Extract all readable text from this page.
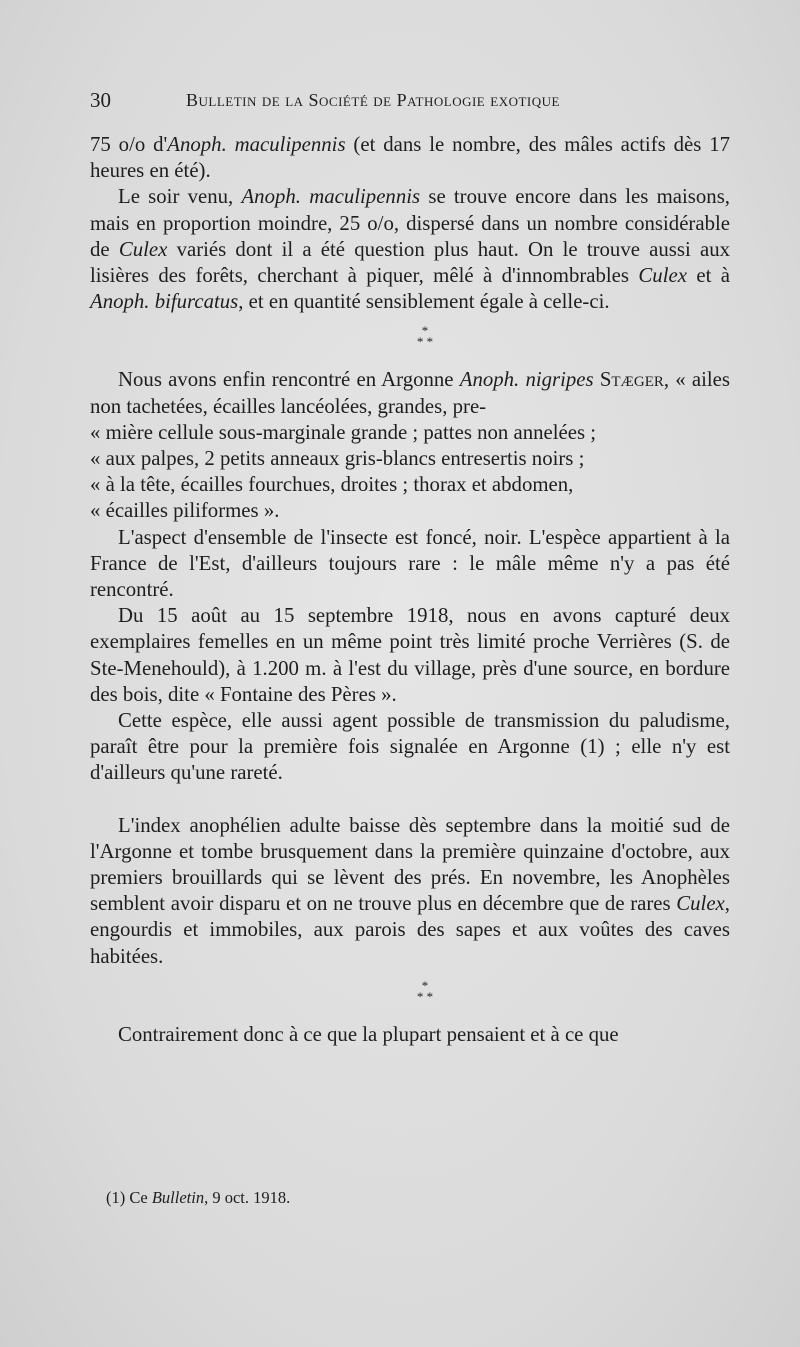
30	Bulletin de la Société de Pathologie exotique

75 o/o d'Anoph. maculipennis (et dans le nombre, des mâles actifs dès 17 heures en été).

Le soir venu, Anoph. maculipennis se trouve encore dans les maisons, mais en proportion moindre, 25 o/o, dispersé dans un nombre considérable de Culex variés dont il a été question plus haut. On le trouve aussi aux lisières des forêts, cherchant à piquer, mêlé à d'innombrables Culex et à Anoph. bifurcatus, et en quantité sensiblement égale à celle-ci.

*
* *

Nous avons enfin rencontré en Argonne Anoph. nigripes Stæger, « ailes non tachetées, écailles lancéolées, grandes, pre-

« mière cellule sous-marginale grande ; pattes non annelées ;

« aux palpes, 2 petits anneaux gris-blancs entresertis noirs ;

« à la tête, écailles fourchues, droites ; thorax et abdomen,

« écailles piliformes ».

L'aspect d'ensemble de l'insecte est foncé, noir. L'espèce appartient à la France de l'Est, d'ailleurs toujours rare : le mâle même n'y a pas été rencontré.

Du 15 août au 15 septembre 1918, nous en avons capturé deux exemplaires femelles en un même point très limité proche Verrières (S. de Ste-Menehould), à 1.200 m. à l'est du village, près d'une source, en bordure des bois, dite « Fontaine des Pères ».

Cette espèce, elle aussi agent possible de transmission du paludisme, paraît être pour la première fois signalée en Argonne (1) ; elle n'y est d'ailleurs qu'une rareté.

L'index anophélien adulte baisse dès septembre dans la moitié sud de l'Argonne et tombe brusquement dans la première quinzaine d'octobre, aux premiers brouillards qui se lèvent des prés. En novembre, les Anophèles semblent avoir disparu et on ne trouve plus en décembre que de rares Culex, engourdis et immobiles, aux parois des sapes et aux voûtes des caves habitées.

*
* *

Contrairement donc à ce que la plupart pensaient et à ce que

(1) Ce Bulletin, 9 oct. 1918.
